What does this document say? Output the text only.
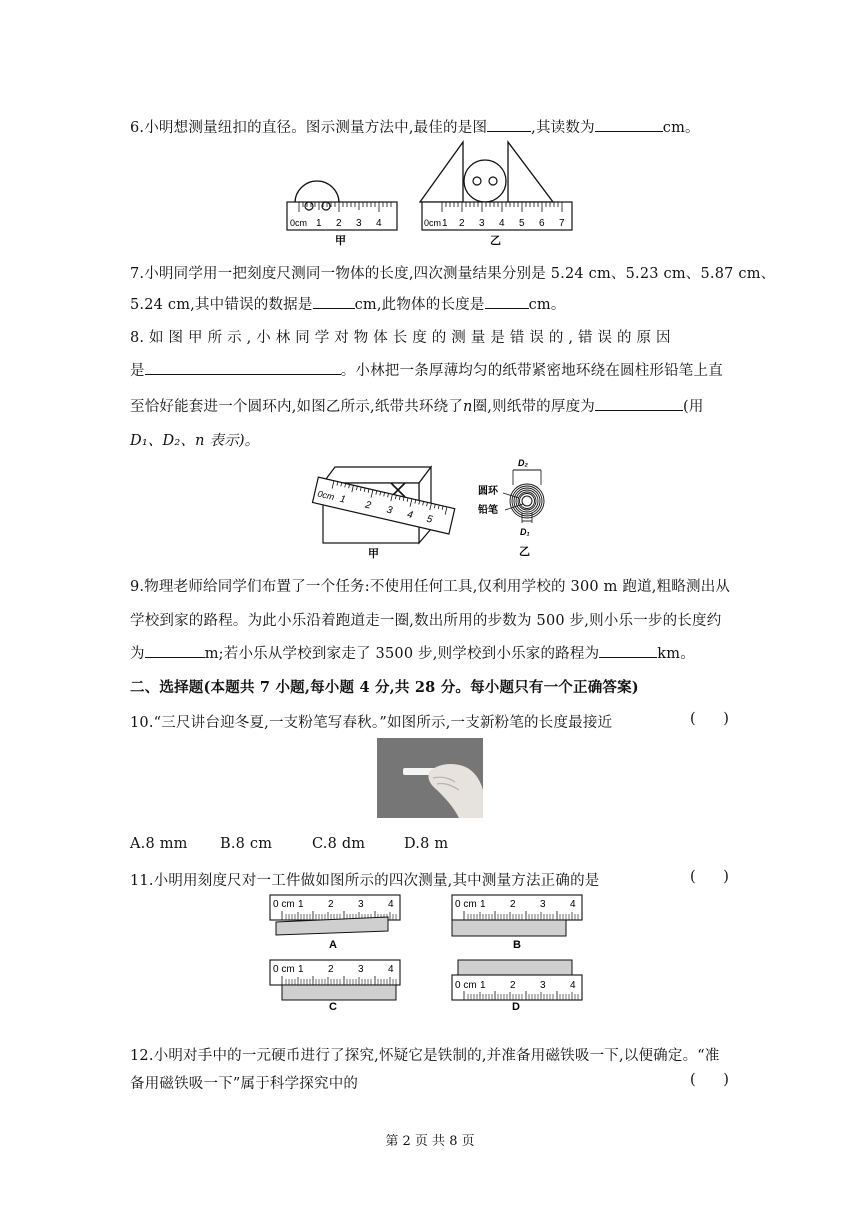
6.小明想测量纽扣的直径。图示测量方法中,最佳的是图	,其读数为	cm。
0cm 1 2 3 4
甲
0cm 1 2 3 4 5 6 7
乙
7.小明同学用一把刻度尺测同一物体的长度,四次测量结果分别是 5.24 cm、5.23 cm、5.87 cm、
5.24 cm,其中错误的数据是	cm,此物体的长度是	cm。
8. 如 图 甲 所 示 , 小 林 同 学 对 物 体 长 度 的 测 量 是 错 误 的 , 错 误 的 原 因
是	。小林把一条厚薄均匀的纸带紧密地环绕在圆柱形铅笔上直
至恰好能套进一个圆环内,如图乙所示,纸带共环绕了n圈,则纸带的厚度为	(用
D₁、D₂、n 表示)。
0cm 1 2 3 4 5
甲
D₂
圆环
铅笔
D₁
乙
9.物理老师给同学们布置了一个任务:不使用任何工具,仅利用学校的 300 m 跑道,粗略测出从
学校到家的路程。为此小乐沿着跑道走一圈,数出所用的步数为 500 步,则小乐一步的长度约
为	m;若小乐从学校到家走了 3500 步,则学校到小乐家的路程为	km。
二、选择题(本题共 7 小题,每小题 4 分,共 28 分。每小题只有一个正确答案)
10.“三尺讲台迎冬夏,一支粉笔写春秋。”如图所示,一支新粉笔的长度最接近	(      )
A.8 mm B.8 cm	C.8 dm	D.8 m
11.小明用刻度尺对一工件做如图所示的四次测量,其中测量方法正确的是	(      )
0 cm 1 2 3 4
A
0 cm 1 2 3 4
B
0 cm 1 2 3 4
C
0 cm 1 2 3 4
D
12.小明对手中的一元硬币进行了探究,怀疑它是铁制的,并准备用磁铁吸一下,以便确定。“准
备用磁铁吸一下”属于科学探究中的	(      )
第 2 页 共 8 页
